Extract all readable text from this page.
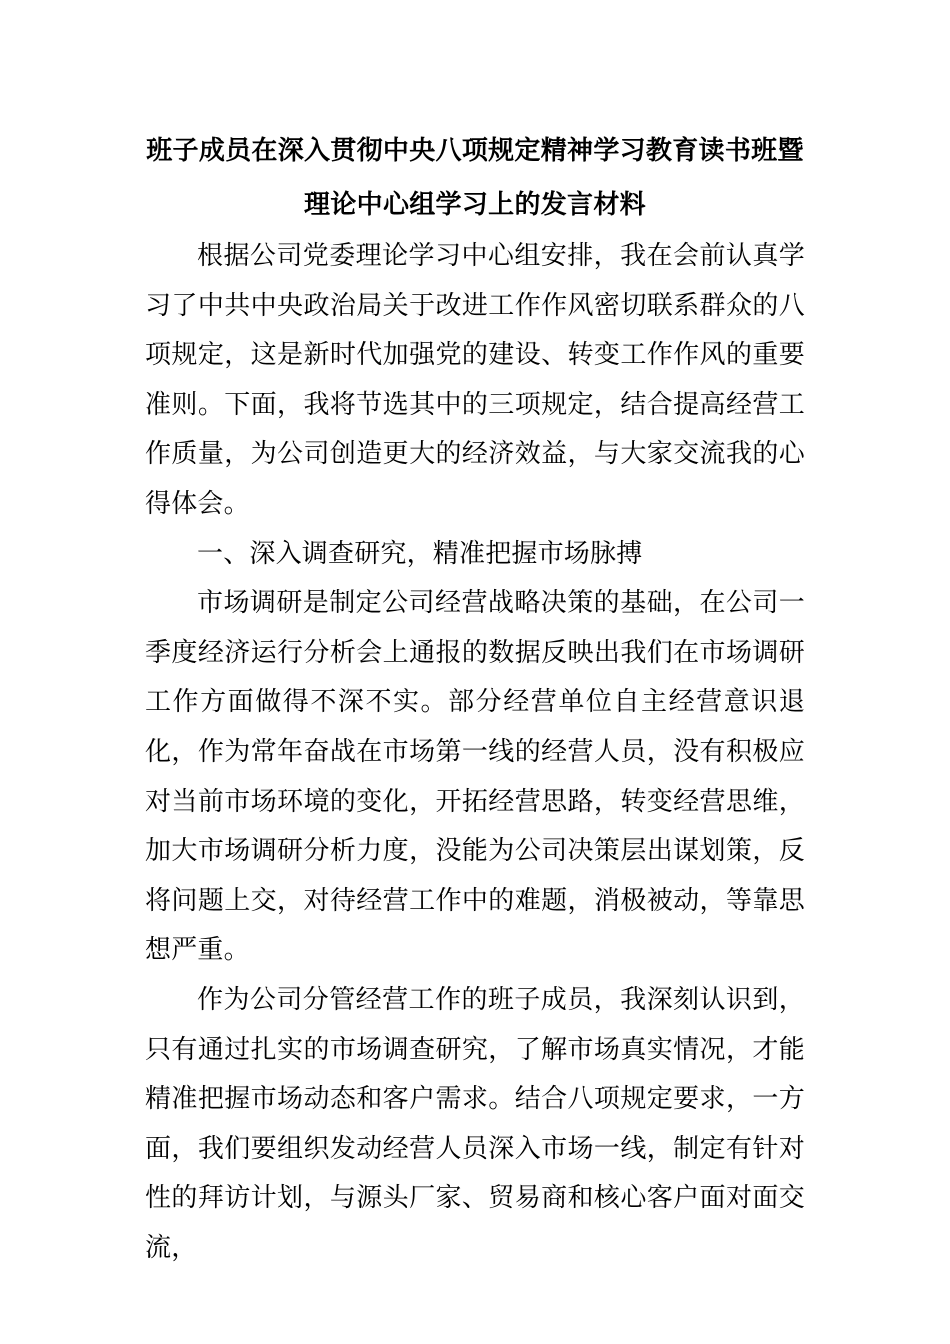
班子成员在深入贯彻中央八项规定精神学习教育读书班暨
理论中心组学习上的发言材料

根据公司党委理论学习中心组安排，我在会前认真学习了中共中央政治局关于改进工作作风密切联系群众的八项规定，这是新时代加强党的建设、转变工作作风的重要准则。下面，我将节选其中的三项规定，结合提高经营工作质量，为公司创造更大的经济效益，与大家交流我的心得体会。

一、深入调查研究，精准把握市场脉搏

市场调研是制定公司经营战略决策的基础，在公司一季度经济运行分析会上通报的数据反映出我们在市场调研工作方面做得不深不实。部分经营单位自主经营意识退化，作为常年奋战在市场第一线的经营人员，没有积极应对当前市场环境的变化，开拓经营思路，转变经营思维，加大市场调研分析力度，没能为公司决策层出谋划策，反将问题上交，对待经营工作中的难题，消极被动，等靠思想严重。

作为公司分管经营工作的班子成员，我深刻认识到，只有通过扎实的市场调查研究，了解市场真实情况，才能精准把握市场动态和客户需求。结合八项规定要求，一方面，我们要组织发动经营人员深入市场一线，制定有针对性的拜访计划，与源头厂家、贸易商和核心客户面对面交流，
